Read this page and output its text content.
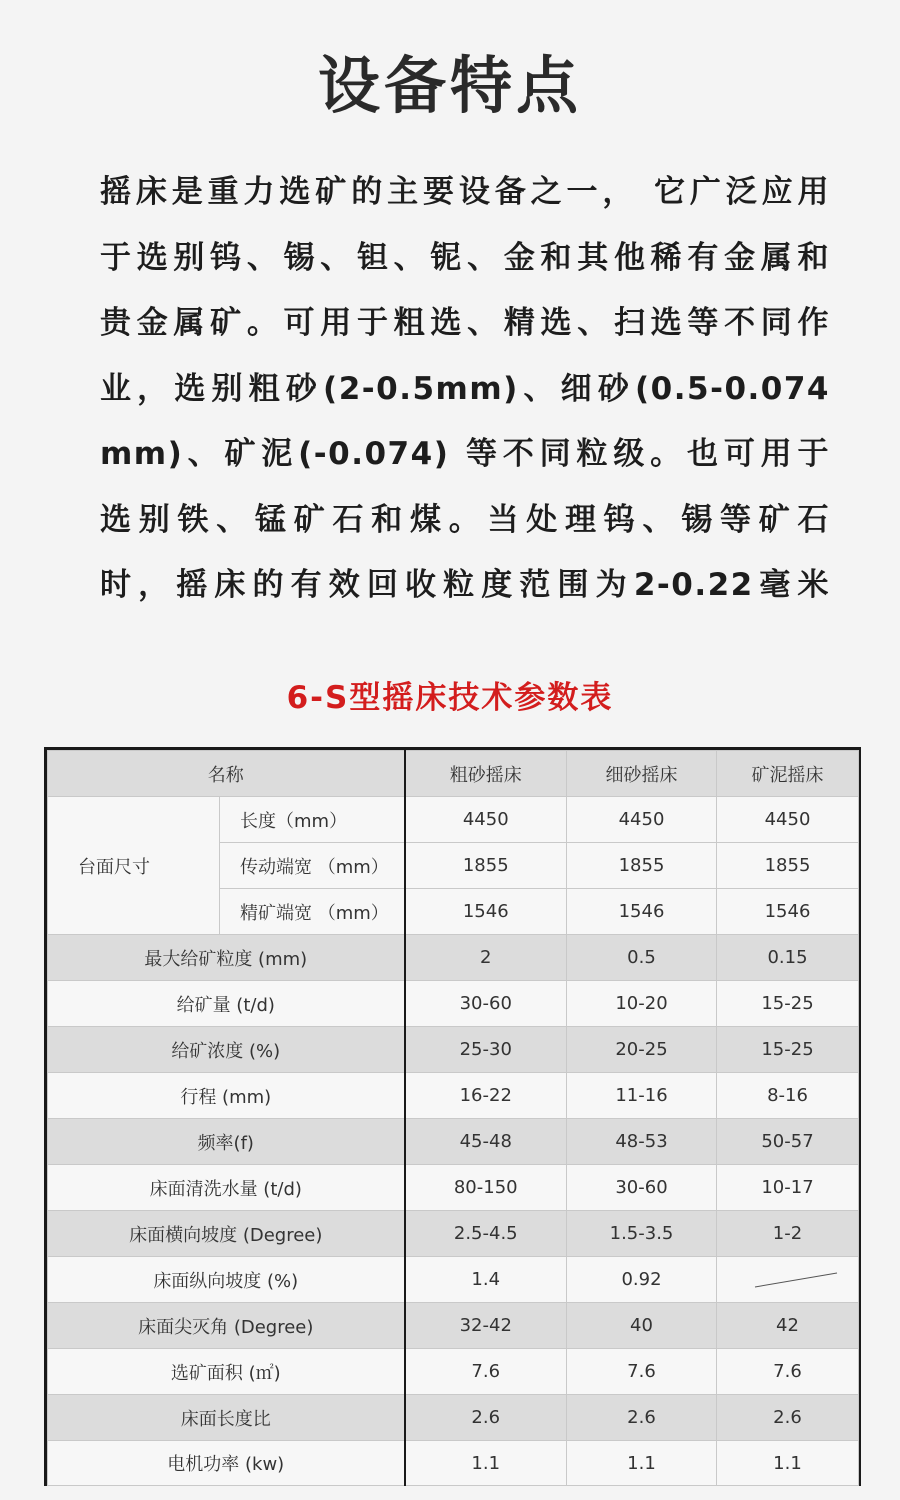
设备特点
摇床是重力选矿的主要设备之一， 它广泛应用
于选别钨、锡、钽、铌、金和其他稀有金属和
贵金属矿。可用于粗选、精选、扫选等不同作
业，选别粗砂(2-0.5mm)、细砂(0.5-0.074
mm)、矿泥(-0.074) 等不同粒级。也可用于
选别铁、锰矿石和煤。当处理钨、锡等矿石
时，摇床的有效回收粒度范围为2-0.22毫米
6-S型摇床技术参数表
名称		粗砂摇床	细砂摇床	矿泥摇床
台面尺寸	长度（mm）	4450	4450	4450
	传动端宽 （mm）	1855	1855	1855
	精矿端宽 （mm）	1546	1546	1546
最大给矿粒度 (mm)		2	0.5	0.15
给矿量 (t/d)		30-60	10-20	15-25
给矿浓度 (%)		25-30	20-25	15-25
行程 (mm)		16-22	11-16	8-16
频率(f)		45-48	48-53	50-57
床面清洗水量 (t/d)		80-150	30-60	10-17
床面横向坡度 (Degree)		2.5-4.5	1.5-3.5	1-2
床面纵向坡度 (%)		1.4	0.92	

床面尖灭角 (Degree)		32-42	40	42
选矿面积 (㎡)		7.6	7.6	7.6
床面长度比		2.6	2.6	2.6
电机功率 (kw)		1.1	1.1	1.1
